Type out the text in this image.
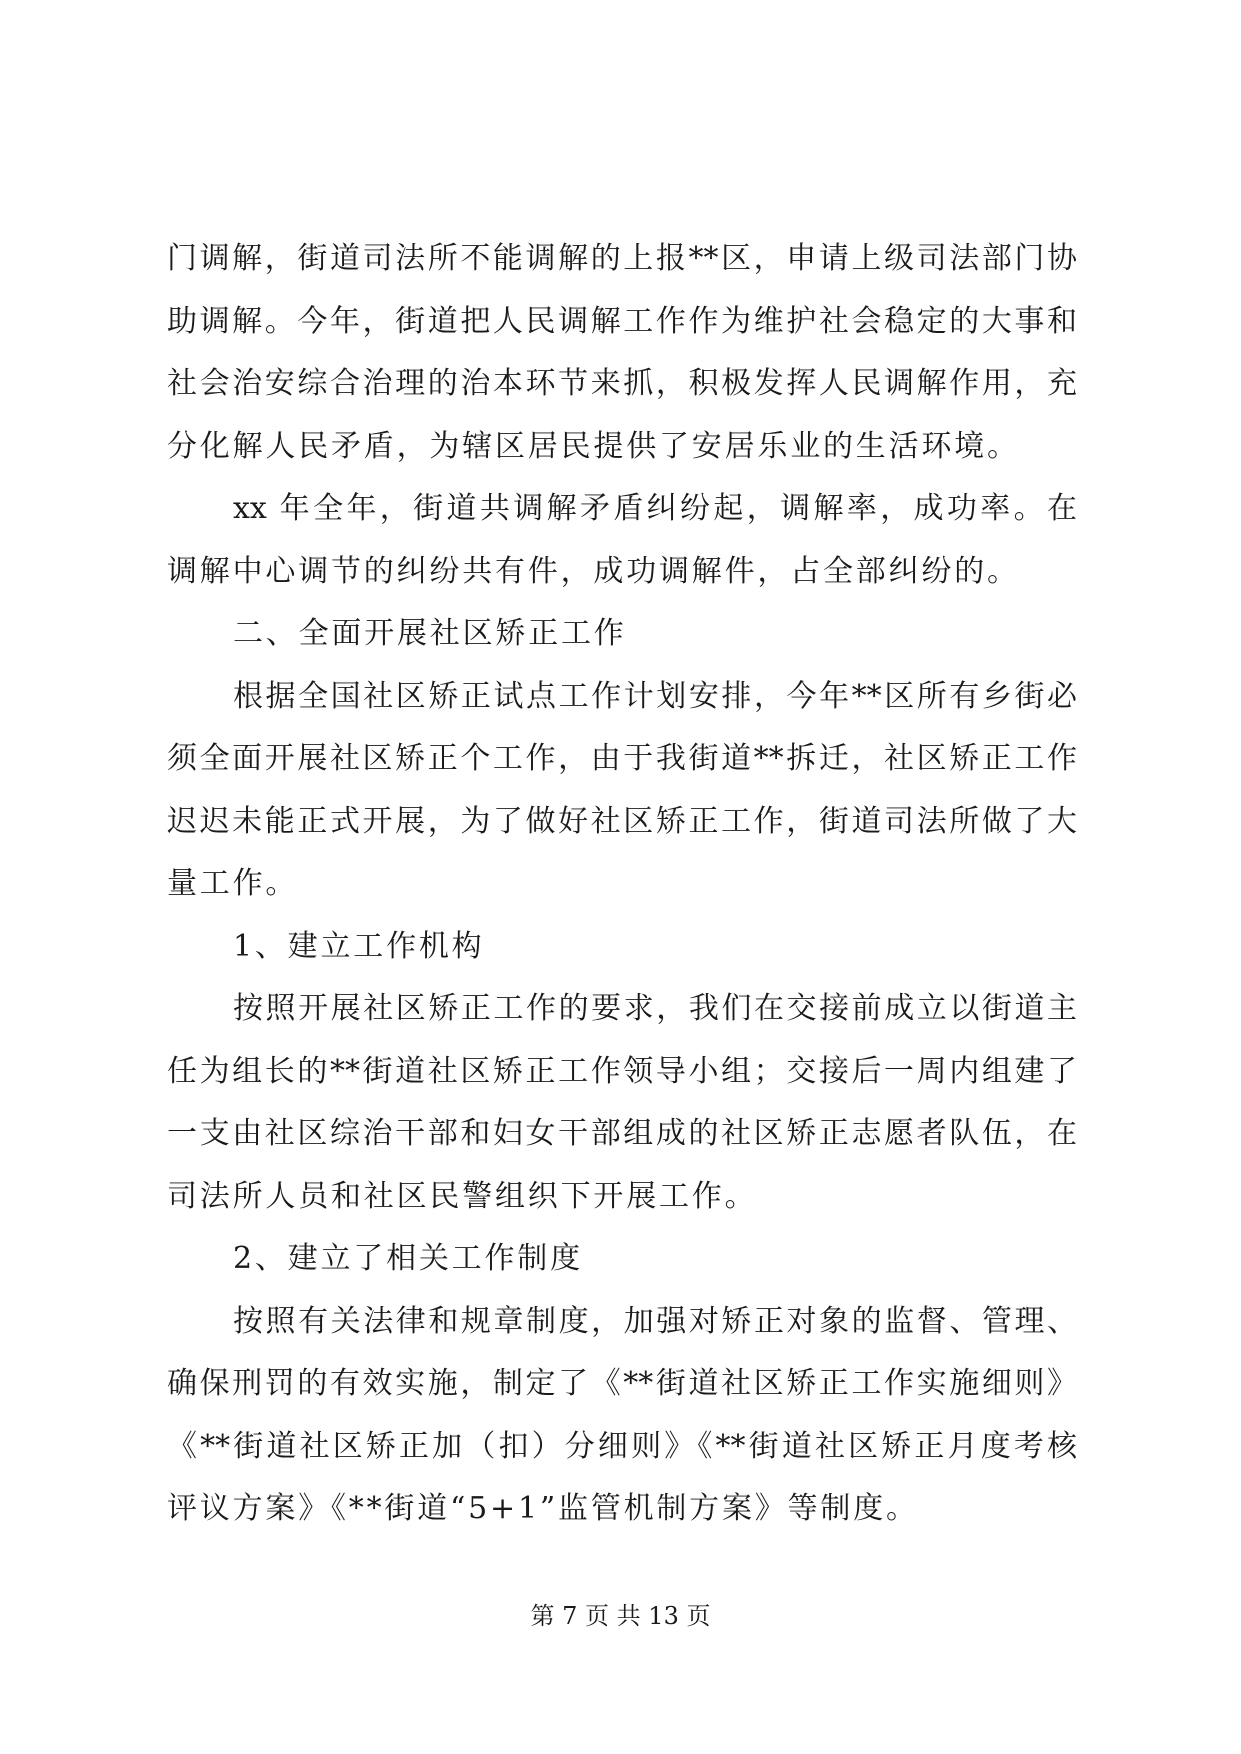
门调解，街道司法所不能调解的上报**区，申请上级司法部门协
助调解。今年，街道把人民调解工作作为维护社会稳定的大事和
社会治安综合治理的治本环节来抓，积极发挥人民调解作用，充
分化解人民矛盾，为辖区居民提供了安居乐业的生活环境。
xx 年全年，街道共调解矛盾纠纷起，调解率，成功率。在
调解中心调节的纠纷共有件，成功调解件，占全部纠纷的。
二、全面开展社区矫正工作
根据全国社区矫正试点工作计划安排，今年**区所有乡街必
须全面开展社区矫正个工作，由于我街道**拆迁，社区矫正工作
迟迟未能正式开展，为了做好社区矫正工作，街道司法所做了大
量工作。
1、建立工作机构
按照开展社区矫正工作的要求，我们在交接前成立以街道主
任为组长的**街道社区矫正工作领导小组；交接后一周内组建了
一支由社区综治干部和妇女干部组成的社区矫正志愿者队伍，在
司法所人员和社区民警组织下开展工作。
2、建立了相关工作制度
按照有关法律和规章制度，加强对矫正对象的监督、管理、
确保刑罚的有效实施，制定了《**街道社区矫正工作实施细则》
《**街道社区矫正加（扣）分细则》《**街道社区矫正月度考核
评议方案》《**街道“5+1”监管机制方案》等制度。
第 7 页 共 13 页
